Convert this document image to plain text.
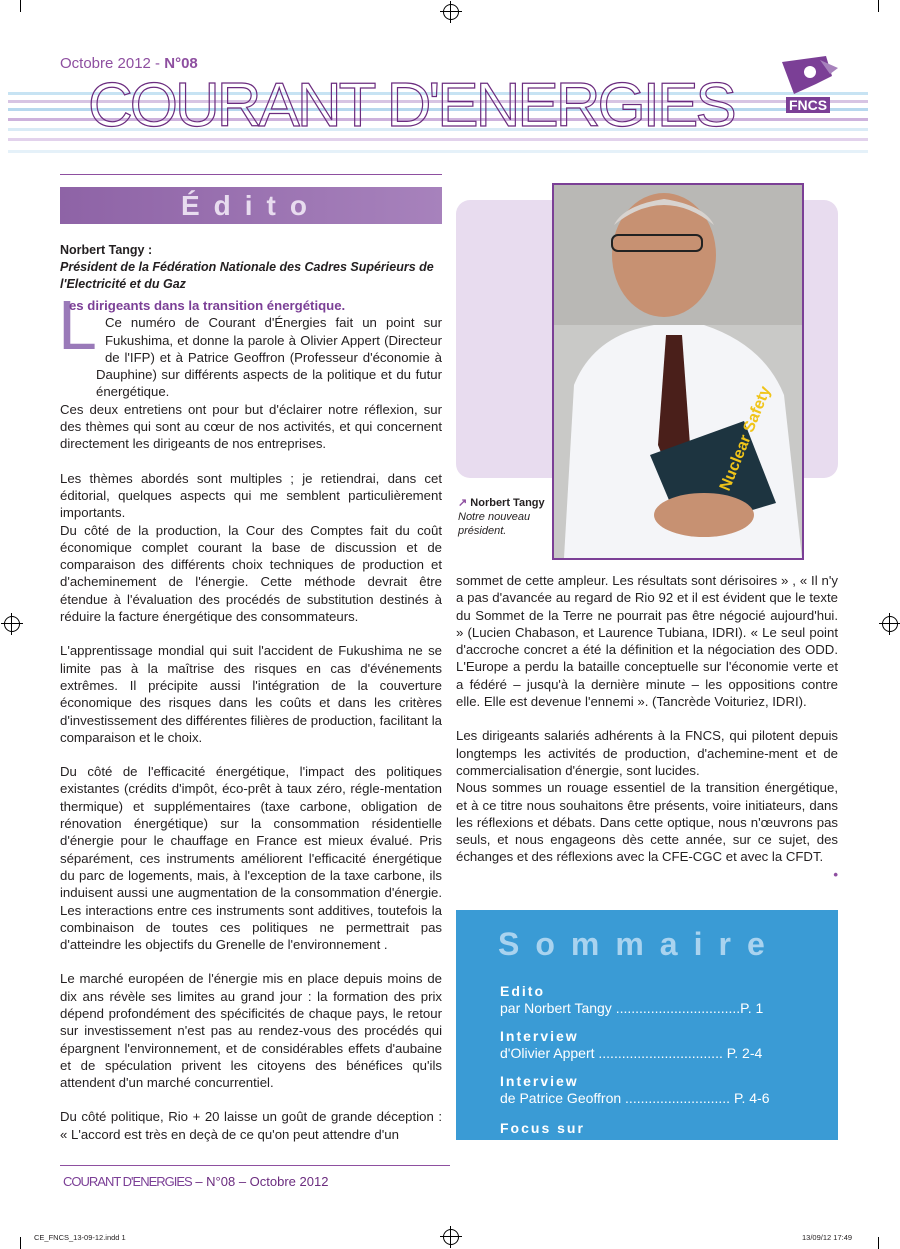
Octobre 2012 - N°08
COURANT D'ENERGIES	FNCS
Édito
Norbert Tangy :
Président de la Fédération Nationale des Cadres Supérieurs de l'Electricité et du Gaz

L
es dirigeants dans la transition énergétique.
Ce numéro de Courant d'Énergies fait un point sur Fukushima, et donne la parole à Olivier Appert (Directeur de l'IFP) et à Patrice Geoffron (Professeur d'économie à Dauphine) sur différents aspects de la politique et du futur énergétique.

Ces deux entretiens ont pour but d'éclairer notre réflexion, sur des thèmes qui sont au cœur de nos activités, et qui concernent directement les dirigeants de nos entreprises.

Les thèmes abordés sont multiples ; je retiendrai, dans cet éditorial, quelques aspects qui me semblent particulièrement importants.

Du côté de la production, la Cour des Comptes fait du coût économique complet courant la base de discussion et de comparaison des différents choix techniques de production et d'acheminement de l'énergie. Cette méthode devrait être étendue à l'évaluation des procédés de substitution destinés à réduire la facture énergétique des consommateurs.

L'apprentissage mondial qui suit l'accident de Fukushima ne se limite pas à la maîtrise des risques en cas d'événements extrêmes. Il précipite aussi l'intégration de la couverture économique des risques dans les coûts et dans les critères d'investissement des différentes filières de production, facilitant la comparaison et le choix.

Du côté de l'efficacité énergétique, l'impact des politiques existantes (crédits d'impôt, éco-prêt à taux zéro, régle-mentation thermique) et supplémentaires (taxe carbone, obligation de rénovation énergétique) sur la consommation résidentielle d'énergie pour le chauffage en France est mieux évalué. Pris séparément, ces instruments améliorent l'efficacité énergétique du parc de logements, mais, à l'exception de la taxe carbone, ils induisent aussi une augmentation de la consommation d'énergie. Les interactions entre ces instruments sont additives, toutefois la combinaison de toutes ces politiques ne permettrait pas d'atteindre les objectifs du Grenelle de l'environnement .

Le marché européen de l'énergie mis en place depuis moins de dix ans révèle ses limites au grand jour : la formation des prix dépend profondément des spécificités de chaque pays, le retour sur investissement n'est pas au rendez-vous des procédés qui épargnent l'environnement, et de considérables effets d'aubaine et de spéculation privent les citoyens des bénéfices qu'ils attendent d'un marché concurrentiel.

Du côté politique, Rio + 20 laisse un goût de grande déception : « L'accord est très en deçà de ce qu'on peut attendre d'un

Nuclear Safety
↗ Norbert Tangy
Notre nouveau
président.

sommet de cette ampleur. Les résultats sont dérisoires » , « Il n'y a pas d'avancée au regard de Rio 92 et il est évident que le texte du Sommet de la Terre ne pourrait pas être négocié aujourd'hui. » (Lucien Chabason, et Laurence Tubiana, IDRI). « Le seul point d'accroche concret a été la définition et la négociation des ODD. L'Europe a perdu la bataille conceptuelle sur l'économie verte et a fédéré – jusqu'à la dernière minute – les oppositions contre elle. Elle est devenue l'ennemi ». (Tancrède Voituriez, IDRI).

Les dirigeants salariés adhérents à la FNCS, qui pilotent depuis longtemps les activités de production, d'achemine-ment et de commercialisation d'énergie, sont lucides.

Nous sommes un rouage essentiel de la transition énergétique, et à ce titre nous souhaitons être présents, voire initiateurs, dans les réflexions et débats. Dans cette optique, nous n'œuvrons pas seuls, et nous engageons dès cette année, sur ce sujet, des échanges et des réflexions avec la CFE-CGC et avec la CFDT.

•
Sommaire
Edito
par Norbert Tangy ................................P. 1
Interview
d'Olivier Appert ................................ P. 2-4
Interview
de Patrice Geoffron ........................... P. 4-6
Focus sur
Fukushima......................................... P. 6-8
COURANT D'ENERGIES – N°08 – Octobre 2012
CE_FNCS_13-09-12.indd 1	13/09/12 17:49
